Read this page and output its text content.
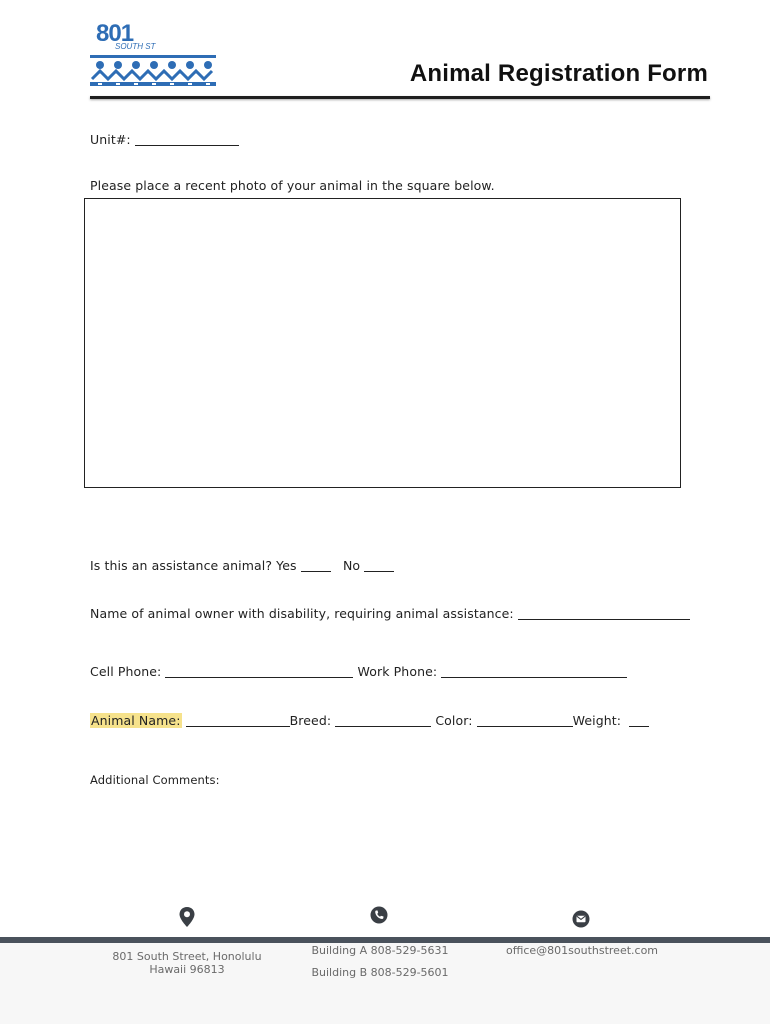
801
SOUTH ST
Animal Registration Form
Unit#:
Please place a recent photo of your animal in the square below.
Is this an assistance animal? Yes	No
Name of animal owner with disability, requiring animal assistance:
Cell Phone:	Work Phone:
Animal Name:	Breed:	Color:	Weight:
Additional Comments:
801 South Street, Honolulu
Hawaii 96813
Building A 808-529-5631
Building B 808-529-5601
office@801southstreet.com
